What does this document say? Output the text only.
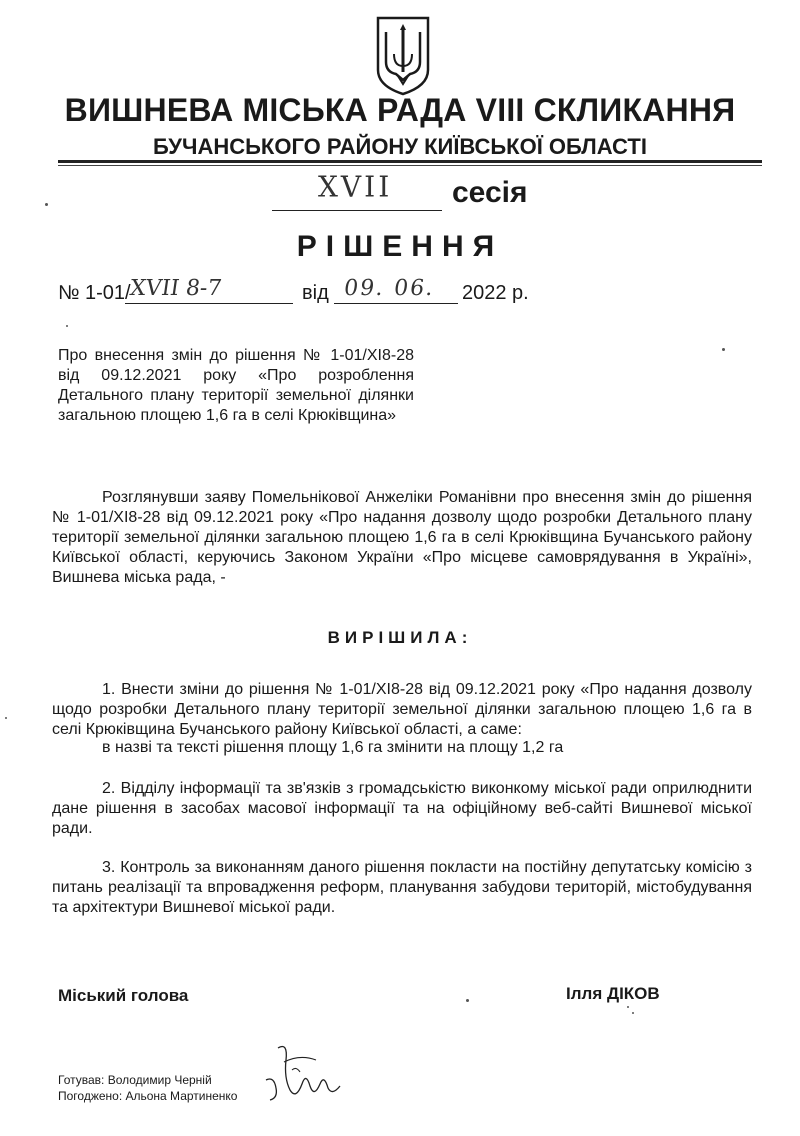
ВИШНЕВА МІСЬКА РАДА VIII СКЛИКАННЯ
БУЧАНСЬКОГО РАЙОНУ КИЇВСЬКОЇ ОБЛАСТІ
XVII сесія
РІШЕННЯ
№ 1-01/
XVII 8-7	від 09. 06. 2022 р.
Про внесення змін до рішення № 1-01/XI8-28 від 09.12.2021 року «Про розроблення Детального плану території земельної ділянки загальною площею 1,6 га в селі Крюківщина»
Розглянувши заяву Помельнікової Анжеліки Романівни про внесення змін до рішення № 1-01/XI8-28 від 09.12.2021 року «Про надання дозволу щодо розробки Детального плану території земельної ділянки загальною площею 1,6 га в селі Крюківщина Бучанського району Київської області, керуючись Законом України «Про місцеве самоврядування в Україні», Вишнева міська рада, -
ВИРІШИЛА:
1. Внести зміни до рішення № 1-01/XI8-28 від 09.12.2021 року «Про надання дозволу щодо розробки Детального плану території земельної ділянки загальною площею 1,6 га в селі Крюківщина Бучанського району Київської області, а саме:
в назві та тексті рішення площу 1,6 га змінити на площу 1,2 га
2. Відділу інформації та зв'язків з громадськістю виконкому міської ради оприлюднити дане рішення в засобах масової інформації та на офіційному веб-сайті Вишневої міської ради.
3. Контроль за виконанням даного рішення покласти на постійну депутатську комісію з питань реалізації та впровадження реформ, планування забудови територій, містобудування та архітектури Вишневої міської ради.
Міський голова	Ілля ДІКОВ
Готував: Володимир Черній
Погоджено: Альона Мартиненко
